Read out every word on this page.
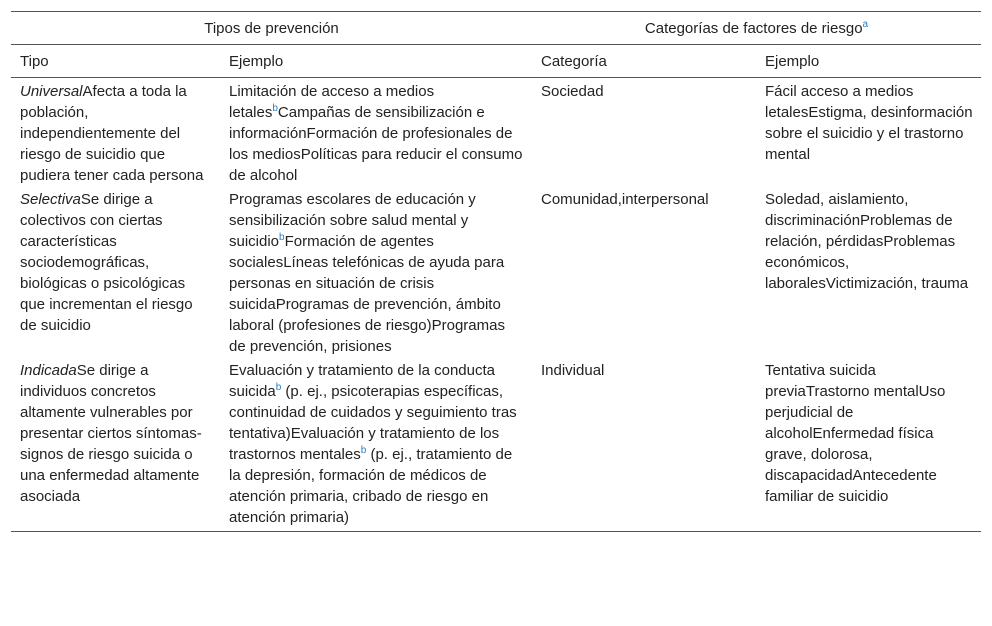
Tipos de prevención		Categorías de factores de riesgo$^a$
Tipo	Ejemplo	Categoría	Ejemplo
UniversalAfecta a toda la población, independientemente del riesgo de suicidio que pudiera tener cada persona	Limitación de acceso a medios letales$^b$Campañas de sensibilización e informaciónFormación de profesionales de los mediosPolíticas para reducir el consumo de alcohol	Sociedad	Fácil acceso a medios letalesEstigma, desinformación sobre el suicidio y el trastorno mental
SelectivaSe dirige a colectivos con ciertas características sociodemográficas, biológicas o psicológicas que incrementan el riesgo de suicidio	Programas escolares de educación y sensibilización sobre salud mental y suicidio$^b$Formación de agentes socialesLíneas telefónicas de ayuda para personas en situación de crisis suicidaProgramas de prevención, ámbito laboral (profesiones de riesgo)Programas de prevención, prisiones	Comunidad,interpersonal	Soledad, aislamiento, discriminaciónProblemas de relación, pérdidasProblemas económicos, laboralesVictimización, trauma
IndicadaSe dirige a individuos concretos altamente vulnerables por presentar ciertos síntomas-signos de riesgo suicida o una enfermedad altamente asociada	Evaluación y tratamiento de la conducta suicida$^b$ (p. ej., psicoterapias específicas, continuidad de cuidados y seguimiento tras tentativa)Evaluación y tratamiento de los trastornos mentales$^b$ (p. ej., tratamiento de la depresión, formación de médicos de atención primaria, cribado de riesgo en atención primaria)	Individual	Tentativa suicida previaTrastorno mentalUso perjudicial de alcoholEnfermedad física grave, dolorosa, discapacidadAntecedente familiar de suicidio
